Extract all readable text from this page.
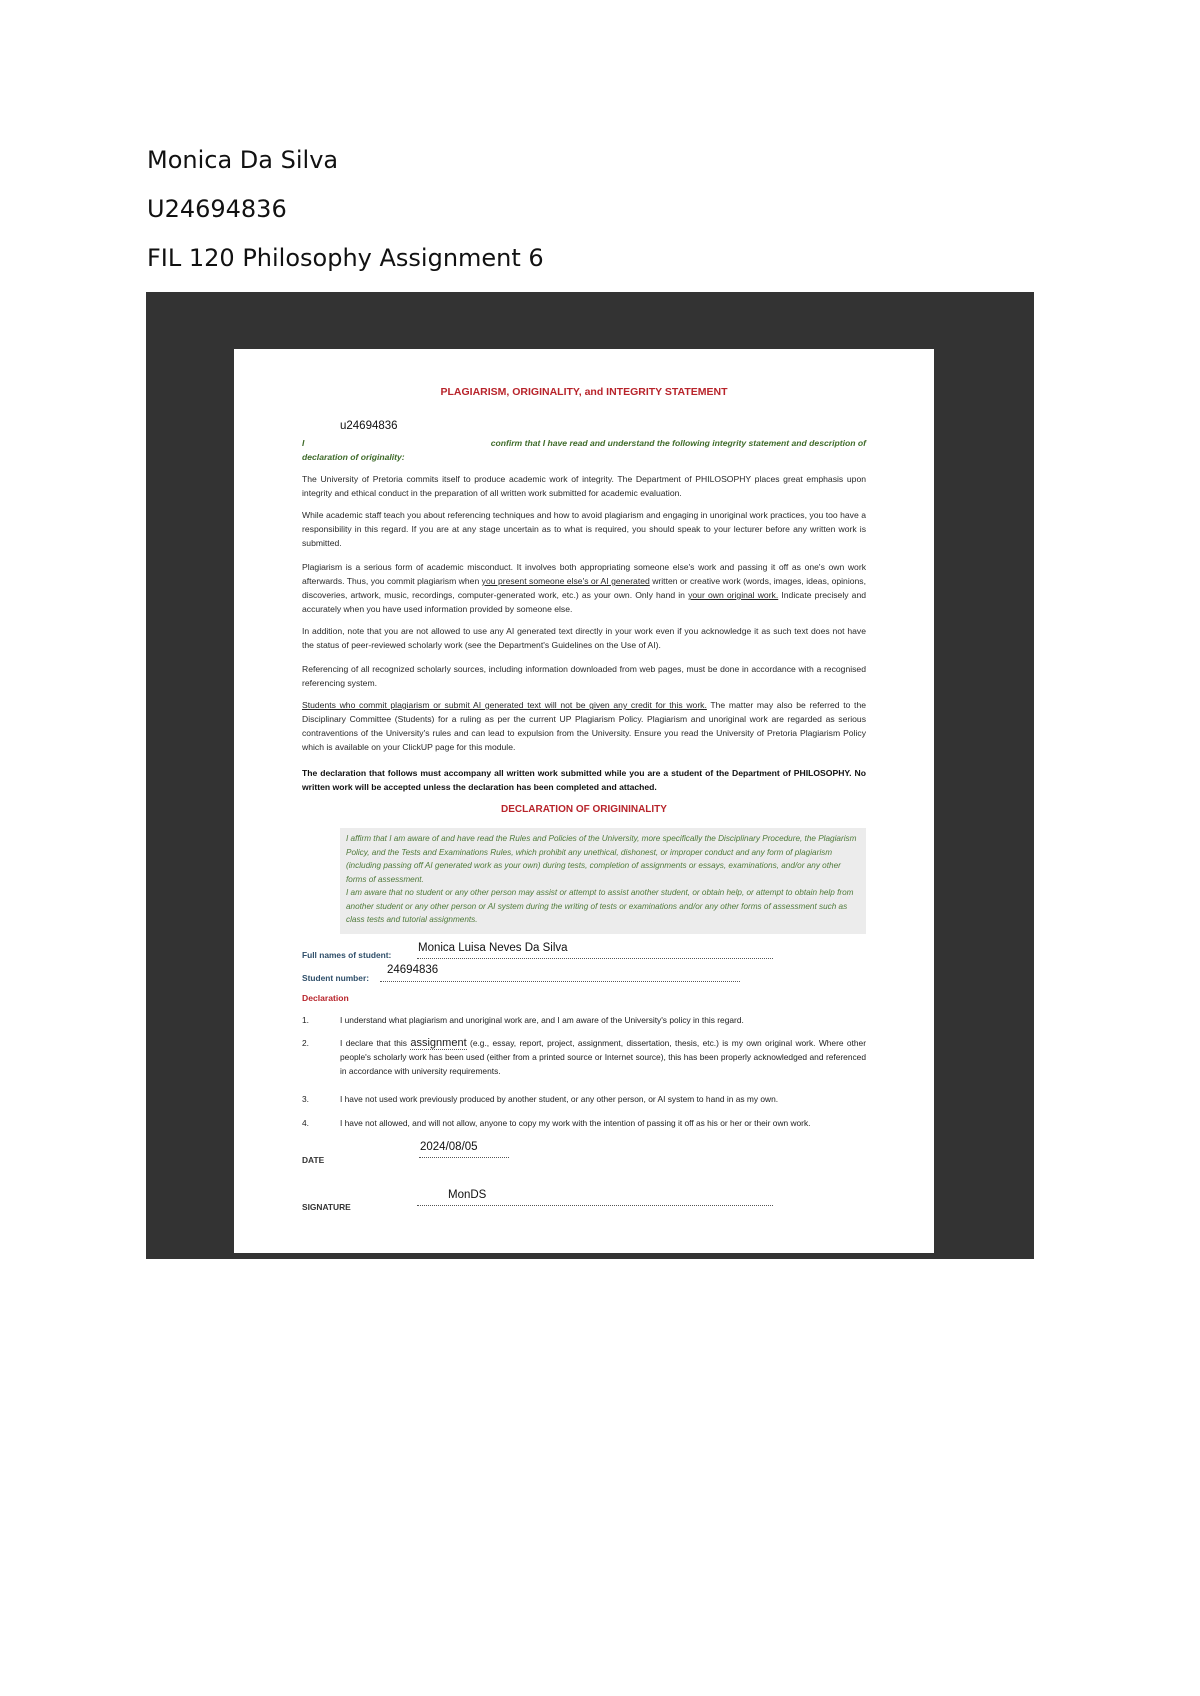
Monica Da Silva
U24694836
FIL 120 Philosophy Assignment 6
PLAGIARISM, ORIGINALITY, and INTEGRITY STATEMENT
u24694836
I	confirm that I have read and understand the following integrity statement and description of
declaration of originality:
The University of Pretoria commits itself to produce academic work of integrity. The Department of PHILOSOPHY places great emphasis upon integrity and ethical conduct in the preparation of all written work submitted for academic evaluation.
While academic staff teach you about referencing techniques and how to avoid plagiarism and engaging in unoriginal work practices, you too have a responsibility in this regard. If you are at any stage uncertain as to what is required, you should speak to your lecturer before any written work is submitted.
Plagiarism is a serious form of academic misconduct. It involves both appropriating someone else's work and passing it off as one's own work afterwards. Thus, you commit plagiarism when you present someone else's or AI generated written or creative work (words, images, ideas, opinions, discoveries, artwork, music, recordings, computer-generated work, etc.) as your own. Only hand in your own original work. Indicate precisely and accurately when you have used information provided by someone else.
In addition, note that you are not allowed to use any AI generated text directly in your work even if you acknowledge it as such text does not have the status of peer-reviewed scholarly work (see the Department's Guidelines on the Use of AI).
Referencing of all recognized scholarly sources, including information downloaded from web pages, must be done in accordance with a recognised referencing system.
Students who commit plagiarism or submit AI generated text will not be given any credit for this work. The matter may also be referred to the Disciplinary Committee (Students) for a ruling as per the current UP Plagiarism Policy. Plagiarism and unoriginal work are regarded as serious contraventions of the University's rules and can lead to expulsion from the University. Ensure you read the University of Pretoria Plagiarism Policy which is available on your ClickUP page for this module.
The declaration that follows must accompany all written work submitted while you are a student of the Department of PHILOSOPHY. No written work will be accepted unless the declaration has been completed and attached.
DECLARATION OF ORIGININALITY
I affirm that I am aware of and have read the Rules and Policies of the University, more specifically the Disciplinary Procedure, the Plagiarism Policy, and the Tests and Examinations Rules, which prohibit any unethical, dishonest, or improper conduct and any form of plagiarism (including passing off AI generated work as your own) during tests, completion of assignments or essays, examinations, and/or any other forms of assessment.
I am aware that no student or any other person may assist or attempt to assist another student, or obtain help, or attempt to obtain help from another student or any other person or AI system during the writing of tests or examinations and/or any other forms of assessment such as class tests and tutorial assignments.
Full names of student:
Monica Luisa Neves Da Silva
Student number:
24694836
Declaration
1.	I understand what plagiarism and unoriginal work are, and I am aware of the University's policy in this regard.
2.	I declare that this assignment (e.g., essay, report, project, assignment, dissertation, thesis, etc.) is my own original work. Where other people's scholarly work has been used (either from a printed source or Internet source), this has been properly acknowledged and referenced in accordance with university requirements.
3.	I have not used work previously produced by another student, or any other person, or AI system to hand in as my own.
4.	I have not allowed, and will not allow, anyone to copy my work with the intention of passing it off as his or her or their own work.
DATE
2024/08/05
SIGNATURE
MonDS
